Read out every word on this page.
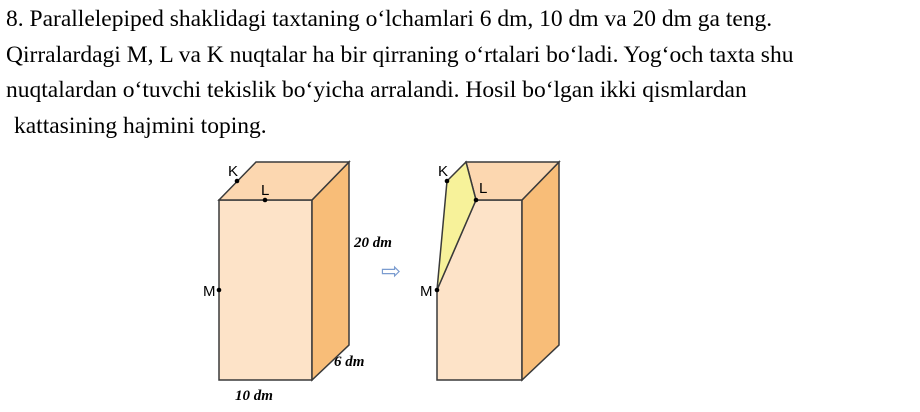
8. Parallelepiped shaklidagi taxtaning o‘lchamlari 6 dm, 10 dm va 20 dm ga teng.
Qirralardagi M, L va K nuqtalar ha bir qirraning o‘rtalari bo‘ladi. Yog‘och taxta shu
nuqtalardan o‘tuvchi tekislik bo‘yicha arralandi. Hosil bo‘lgan ikki qismlardan
kattasining hajmini toping.
K
L
M
20 dm
6 dm
10 dm
⇨
K
L
M
